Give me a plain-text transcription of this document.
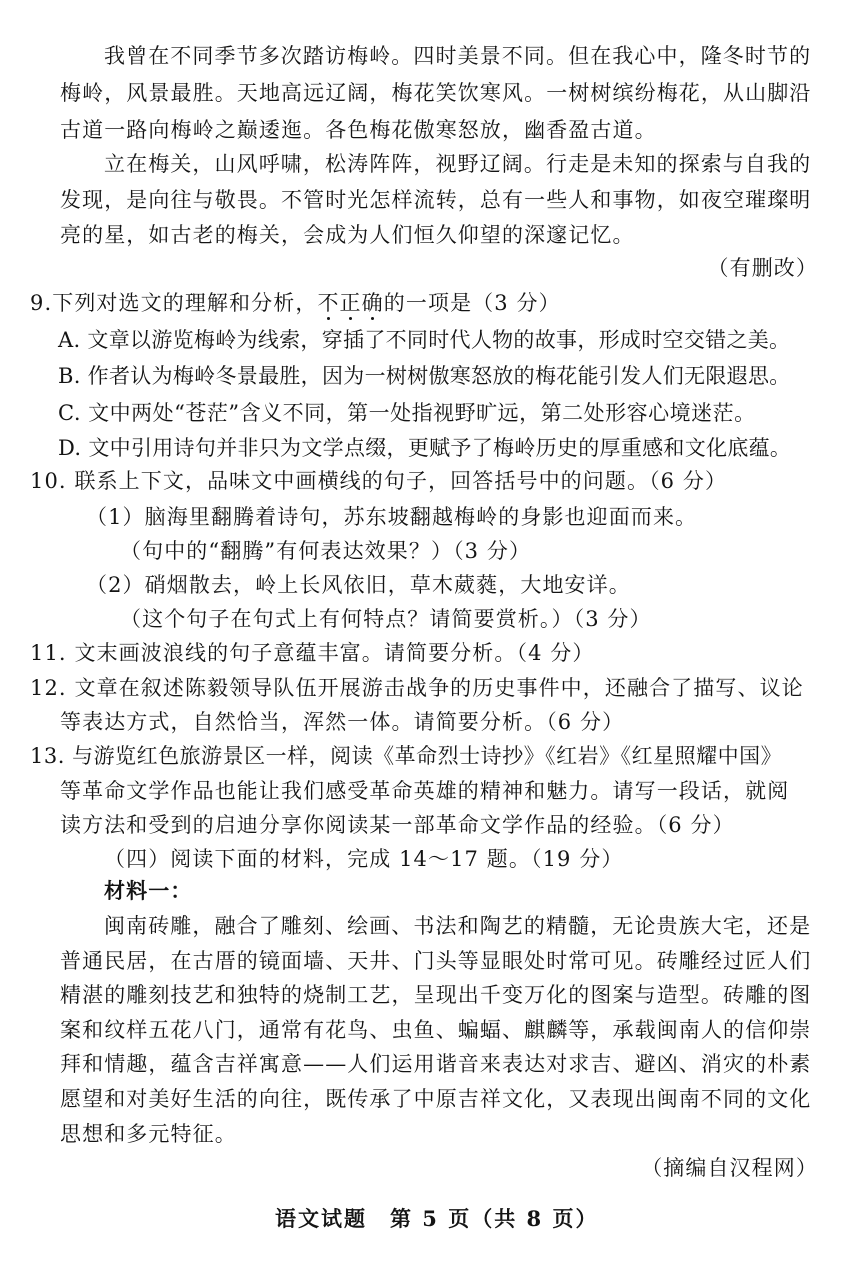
我曾在不同季节多次踏访梅岭。四时美景不同。但在我心中，隆冬时节的
梅岭，风景最胜。天地高远辽阔，梅花笑饮寒风。一树树缤纷梅花，从山脚沿
古道一路向梅岭之巅逶迤。各色梅花傲寒怒放，幽香盈古道。
立在梅关，山风呼啸，松涛阵阵，视野辽阔。行走是未知的探索与自我的
发现，是向往与敬畏。不管时光怎样流转，总有一些人和事物，如夜空璀璨明
亮的星，如古老的梅关，会成为人们恒久仰望的深邃记忆。
（有删改）
9.下列对选文的理解和分析，不正确的一项是（3 分）
A. 文章以游览梅岭为线索，穿插了不同时代人物的故事，形成时空交错之美。
B. 作者认为梅岭冬景最胜，因为一树树傲寒怒放的梅花能引发人们无限遐思。
C. 文中两处“苍茫”含义不同，第一处指视野旷远，第二处形容心境迷茫。
D. 文中引用诗句并非只为文学点缀，更赋予了梅岭历史的厚重感和文化底蕴。
10. 联系上下文，品味文中画横线的句子，回答括号中的问题。（6 分）
（1）脑海里翻腾着诗句，苏东坡翻越梅岭的身影也迎面而来。
（句中的“翻腾”有何表达效果？）（3 分）
（2）硝烟散去，岭上长风依旧，草木葳蕤，大地安详。
（这个句子在句式上有何特点？请简要赏析。）（3 分）
11. 文末画波浪线的句子意蕴丰富。请简要分析。（4 分）
12. 文章在叙述陈毅领导队伍开展游击战争的历史事件中，还融合了描写、议论
等表达方式，自然恰当，浑然一体。请简要分析。（6 分）
13. 与游览红色旅游景区一样，阅读《革命烈士诗抄》《红岩》《红星照耀中国》
等革命文学作品也能让我们感受革命英雄的精神和魅力。请写一段话，就阅
读方法和受到的启迪分享你阅读某一部革命文学作品的经验。（6 分）
（四）阅读下面的材料，完成 14～17 题。（19 分）
材料一：
闽南砖雕，融合了雕刻、绘画、书法和陶艺的精髓，无论贵族大宅，还是
普通民居，在古厝的镜面墙、天井、门头等显眼处时常可见。砖雕经过匠人们
精湛的雕刻技艺和独特的烧制工艺，呈现出千变万化的图案与造型。砖雕的图
案和纹样五花八门，通常有花鸟、虫鱼、蝙蝠、麒麟等，承载闽南人的信仰崇
拜和情趣，蕴含吉祥寓意——人们运用谐音来表达对求吉、避凶、消灾的朴素
愿望和对美好生活的向往，既传承了中原吉祥文化，又表现出闽南不同的文化
思想和多元特征。
（摘编自汉程网）
语文试题　第 5 页（共 8 页）
